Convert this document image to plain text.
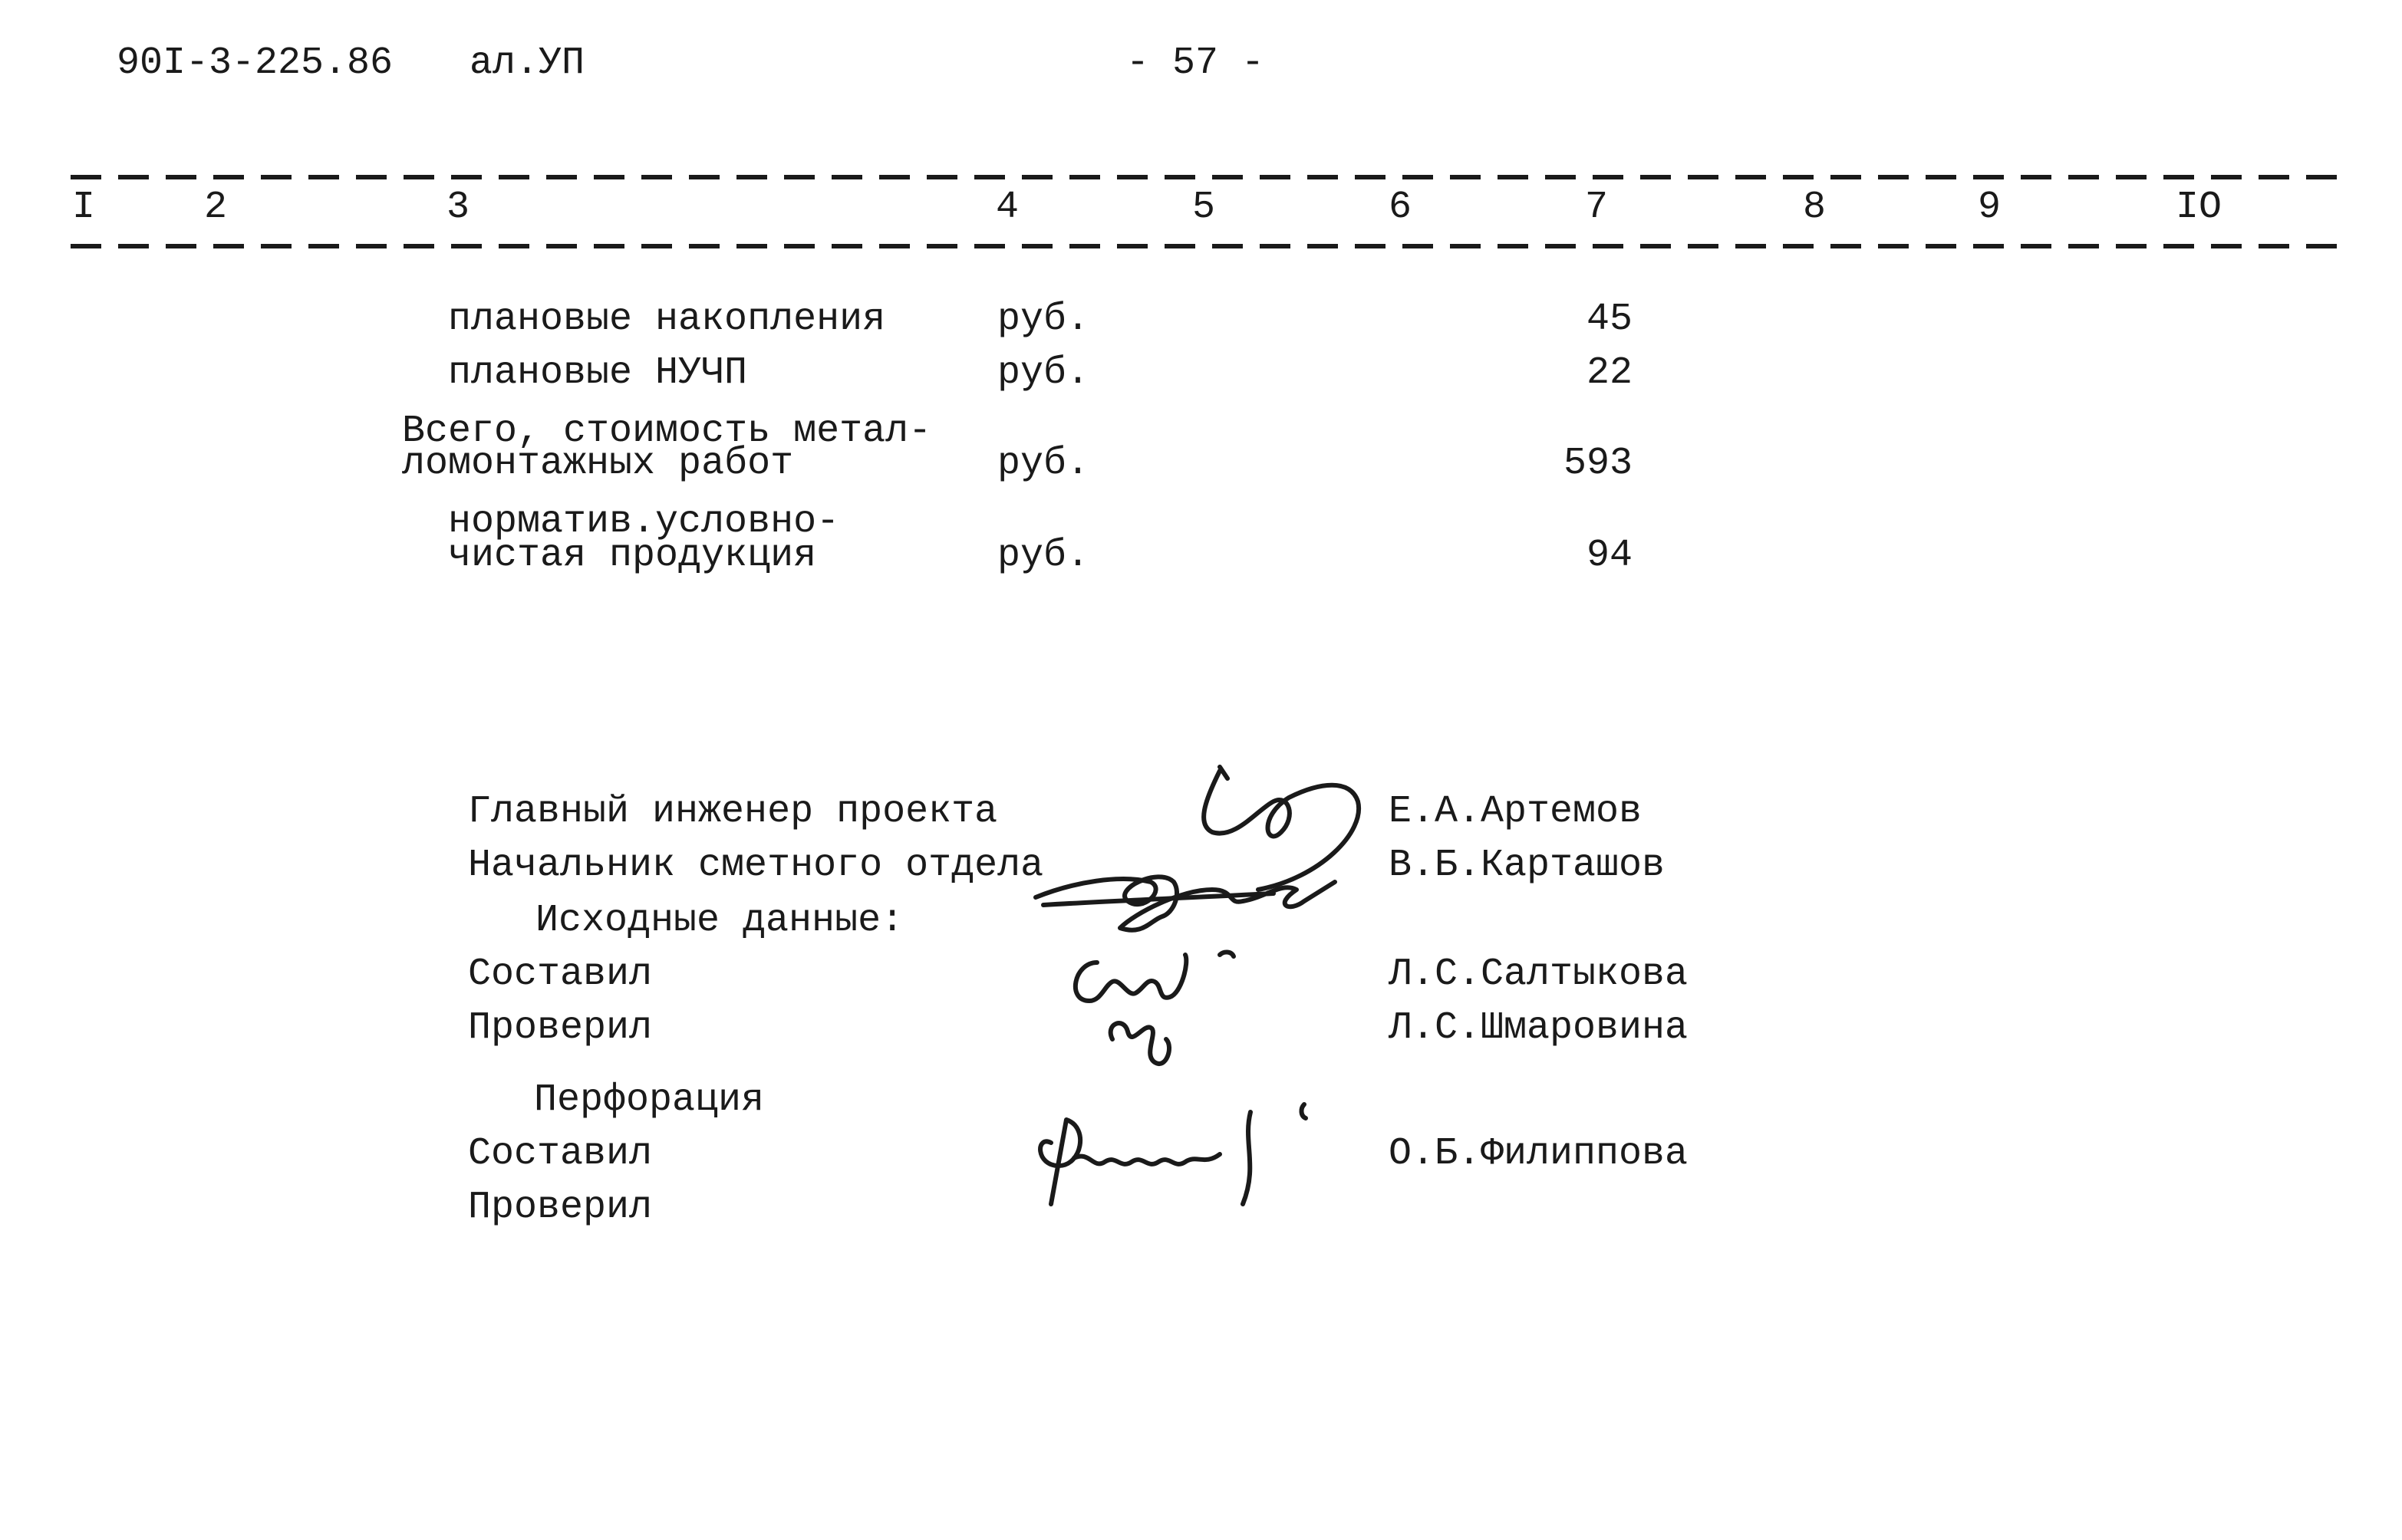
90I-3-225.86 ал.УП	- 57 -
I	2	3	4	5	6	7	8	9	IO
плановые накопления	руб.	45
плановые НУЧП	руб.	22
Всего, стоимость метал-
ломонтажных работ	руб.	593
норматив.условно-
чистая продукция	руб.	94
Главный инженер проекта	Е.А.Артемов
Начальник сметного отдела	В.Б.Карташов
Исходные данные:
Составил	Л.С.Салтыкова
Проверил	Л.С.Шмаровина
Перфорация
Составил	О.Б.Филиппова
Проверил
